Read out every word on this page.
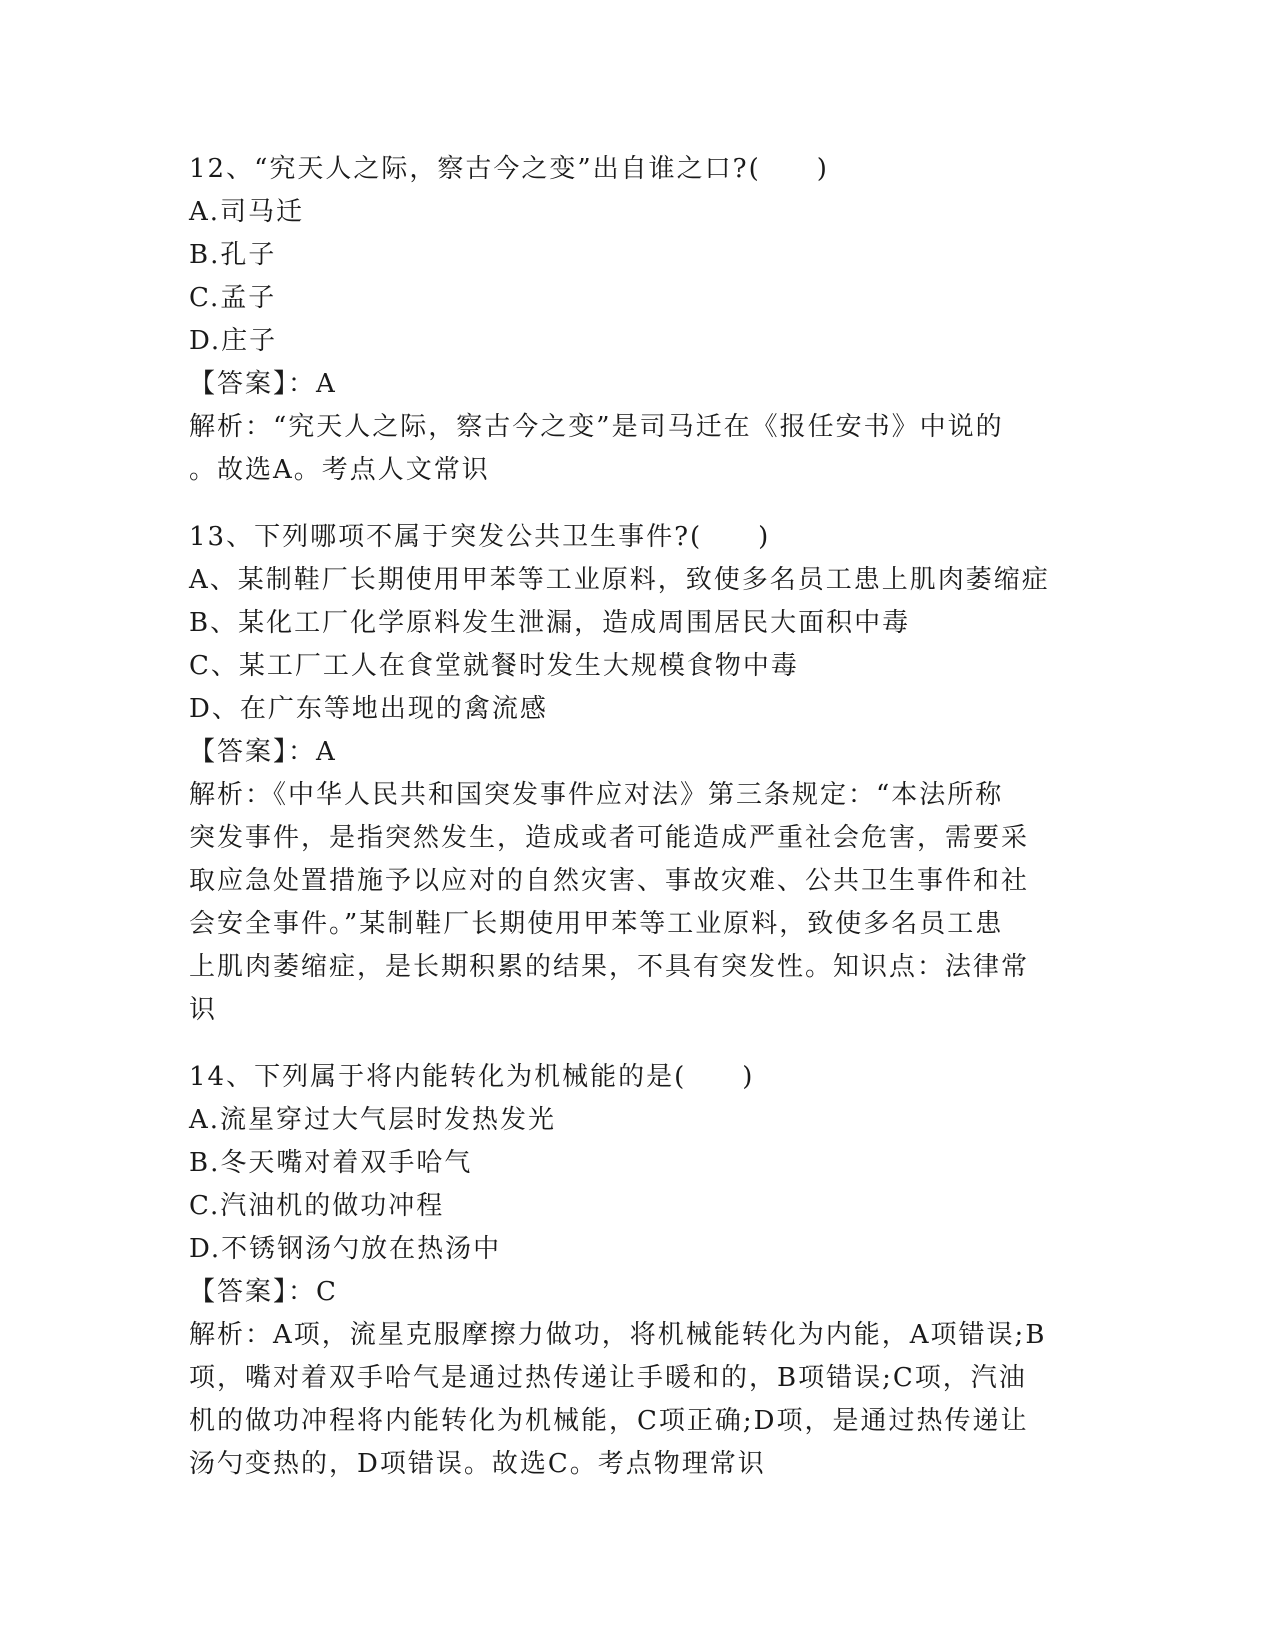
12、“究天人之际，察古今之变”出自谁之口?(　　)
A.司马迁
B.孔子
C.孟子
D.庄子
【答案】：A
解析：“究天人之际，察古今之变”是司马迁在《报任安书》中说的
。故选A。考点人文常识
13、下列哪项不属于突发公共卫生事件?(　　)
A、某制鞋厂长期使用甲苯等工业原料，致使多名员工患上肌肉萎缩症
B、某化工厂化学原料发生泄漏，造成周围居民大面积中毒
C、某工厂工人在食堂就餐时发生大规模食物中毒
D、在广东等地出现的禽流感
【答案】：A
解析：《中华人民共和国突发事件应对法》第三条规定：“本法所称
突发事件，是指突然发生，造成或者可能造成严重社会危害，需要采
取应急处置措施予以应对的自然灾害、事故灾难、公共卫生事件和社
会安全事件。”某制鞋厂长期使用甲苯等工业原料，致使多名员工患
上肌肉萎缩症，是长期积累的结果，不具有突发性。知识点：法律常
识
14、下列属于将内能转化为机械能的是(　　)
A.流星穿过大气层时发热发光
B.冬天嘴对着双手哈气
C.汽油机的做功冲程
D.不锈钢汤勺放在热汤中
【答案】：C
解析：A项，流星克服摩擦力做功，将机械能转化为内能，A项错误;B
项，嘴对着双手哈气是通过热传递让手暖和的，B项错误;C项，汽油
机的做功冲程将内能转化为机械能，C项正确;D项，是通过热传递让
汤勺变热的，D项错误。故选C。考点物理常识
